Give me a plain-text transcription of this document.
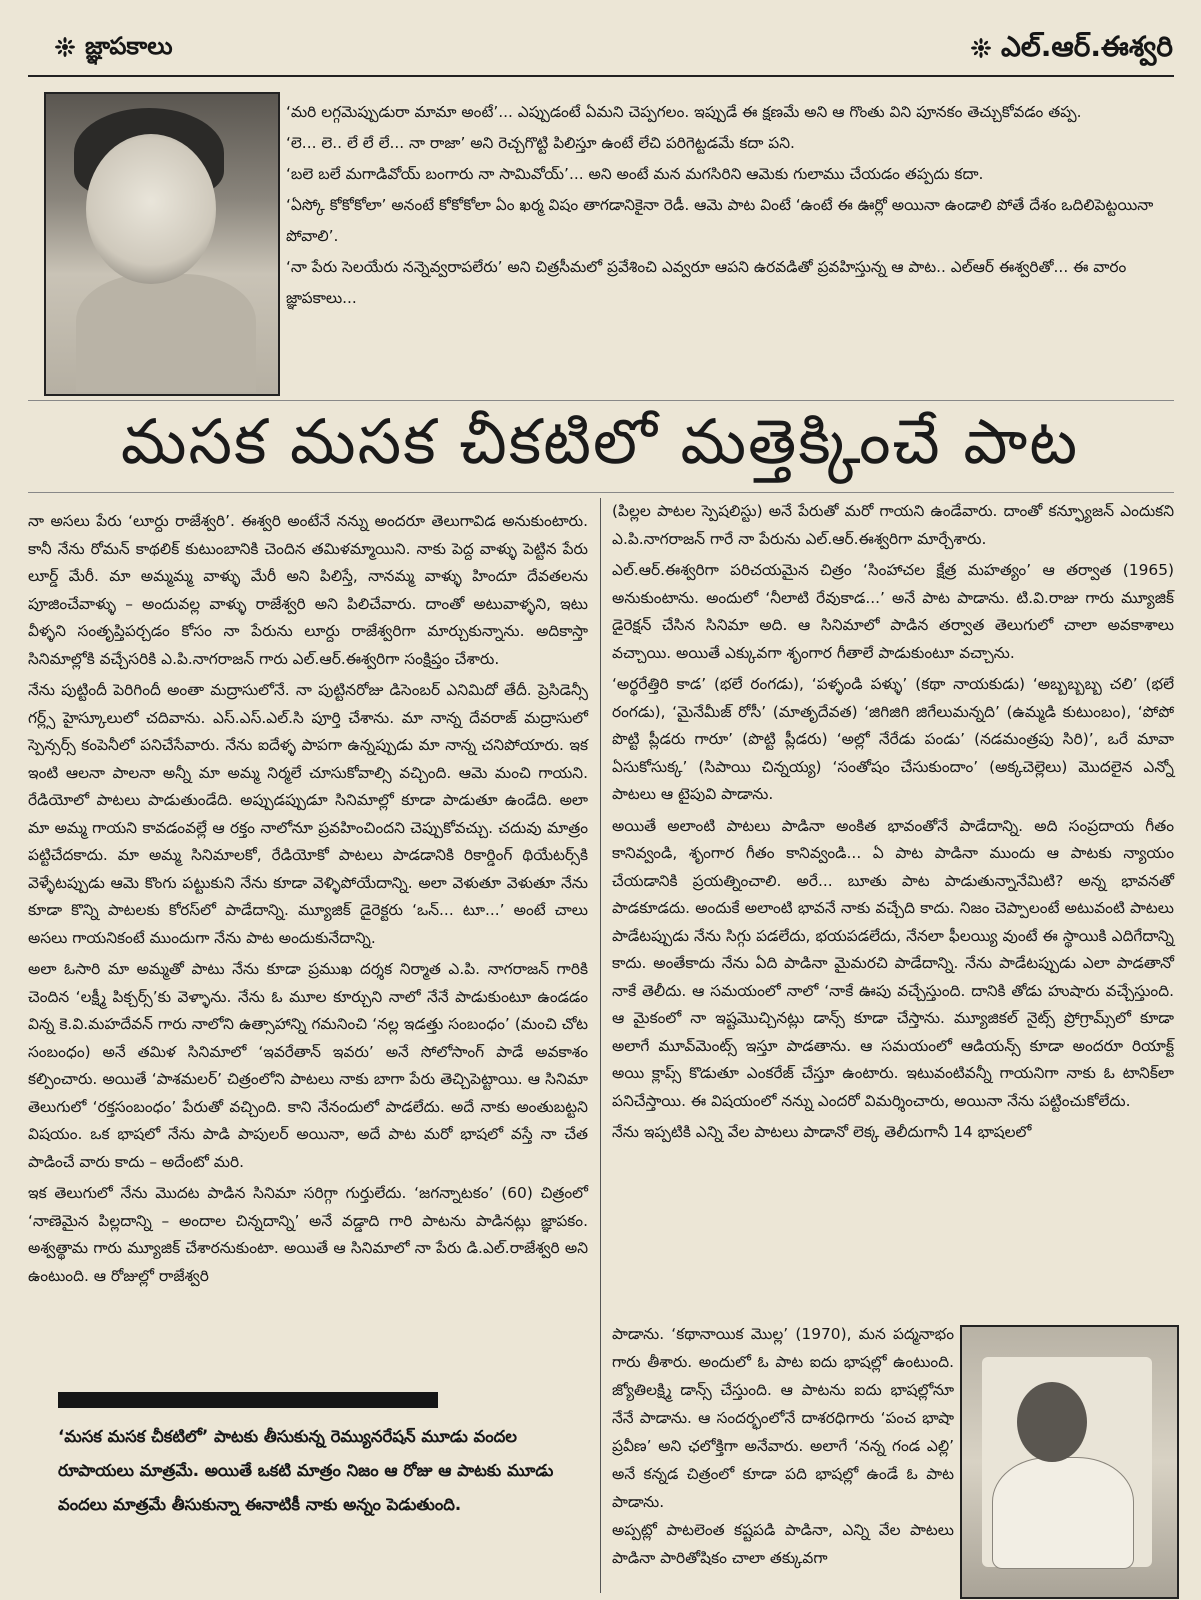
జ్ఞాపకాలు	ఎల్.ఆర్.ఈశ్వరి

‘మరి లగ్గమెప్పుడురా మామా అంటే’... ఎప్పుడంటే ఏమని చెప్పగలం. ఇప్పుడే ఈ క్షణమే అని ఆ గొంతు విని పూనకం తెచ్చుకోవడం తప్ప.

‘లె... లె.. లే లే లే... నా రాజా’ అని రెచ్చగొట్టి పిలిస్తూ ఉంటే లేచి పరిగెట్టడమే కదా పని.

‘బలె బలే మగాడివోయ్ బంగారు నా సామివోయ్’... అని అంటే మన మగసిరిని ఆమెకు గులాము చేయడం తప్పదు కదా.

‘ఏస్కో కోకోకోలా’ అనంటే కోకోకోలా ఏం ఖర్మ విషం తాగడానికైనా రెడీ. ఆమె పాట వింటే ‘ఉంటే ఈ ఊర్లో అయినా ఉండాలి పోతే దేశం ఒదిలిపెట్టయినా పోవాలి’.

‘నా పేరు సెలయేరు నన్నెవ్వరాపలేరు’ అని చిత్రసీమలో ప్రవేశించి ఎవ్వరూ ఆపని ఉరవడితో ప్రవహిస్తున్న ఆ పాట.. ఎల్ఆర్ ఈశ్వరితో... ఈ వారం జ్ఞాపకాలు...

మసక మసక చీకటిలో మత్తెక్కించే పాట

నా అసలు పేరు ‘లూర్దు రాజేశ్వరి’. ఈశ్వరి అంటేనే నన్ను అందరూ తెలుగావిడ అనుకుంటారు. కానీ నేను రోమన్ కాథలిక్ కుటుంబానికి చెందిన తమిళమ్మాయిని. నాకు పెద్ద వాళ్ళు పెట్టిన పేరు లూర్డ్ మేరీ. మా అమ్మమ్మ వాళ్ళు మేరీ అని పిలిస్తే, నానమ్మ వాళ్ళు హిందూ దేవతలను పూజించేవాళ్ళు – అందువల్ల వాళ్ళు రాజేశ్వరి అని పిలిచేవారు. దాంతో అటువాళ్ళని, ఇటు వీళ్ళని సంతృప్తిపర్చడం కోసం నా పేరును లూర్దు రాజేశ్వరిగా మార్చుకున్నాను. అదికాస్తా సినిమాల్లోకి వచ్చేసరికి ఎ.పి.నాగరాజన్ గారు ఎల్.ఆర్.ఈశ్వరిగా సంక్షిప్తం చేశారు.

నేను పుట్టిందీ పెరిగిందీ అంతా మద్రాసులోనే. నా పుట్టినరోజు డిసెంబర్ ఎనిమిదో తేదీ. ప్రెసిడెన్సీ గర్ల్స్ హైస్కూలులో చదివాను. ఎస్.ఎస్.ఎల్.సి పూర్తి చేశాను. మా నాన్న దేవరాజ్ మద్రాసులో స్పెన్సర్స్ కంపెనీలో పనిచేసేవారు. నేను ఐదేళ్ళ పాపగా ఉన్నప్పుడు మా నాన్న చనిపోయారు. ఇక ఇంటి ఆలనా పాలనా అన్నీ మా అమ్మ నిర్మలే చూసుకోవాల్సి వచ్చింది. ఆమె మంచి గాయని. రేడియోలో పాటలు పాడుతుండేది. అప్పుడప్పుడూ సినిమాల్లో కూడా పాడుతూ ఉండేది. అలా మా అమ్మ గాయని కావడంవల్లే ఆ రక్తం నాలోనూ ప్రవహించిందని చెప్పుకోవచ్చు. చదువు మాత్రం పట్టిచేదకాదు. మా అమ్మ సినిమాలకో, రేడియోకో పాటలు పాడడానికి రికార్డింగ్ థియేటర్స్‌కి వెళ్ళేటప్పుడు ఆమె కొంగు పట్టుకుని నేను కూడా వెళ్ళిపోయేదాన్ని. అలా వెళుతూ వెళుతూ నేను కూడా కొన్ని పాటలకు కోరస్‌లో పాడేదాన్ని. మ్యూజిక్ డైరెక్టరు ‘ఒన్... టూ...’ అంటే చాలు అసలు గాయనికంటే ముందుగా నేను పాట అందుకునేదాన్ని.

అలా ఓసారి మా అమ్మతో పాటు నేను కూడా ప్రముఖ దర్శక నిర్మాత ఎ.పి. నాగరాజన్ గారికి చెందిన ‘లక్ష్మీ పిక్చర్స్’కు వెళ్ళాను. నేను ఓ మూల కూర్చుని నాలో నేనే పాడుకుంటూ ఉండడం విన్న కె.వి.మహదేవన్ గారు నాలోని ఉత్సాహాన్ని గమనించి ‘నల్ల ఇడత్తు సంబంధం’ (మంచి చోట సంబంధం) అనే తమిళ సినిమాలో ‘ఇవరేతాన్ ఇవరు’ అనే సోలోసాంగ్ పాడే అవకాశం కల్పించారు. అయితే ‘పాశమలర్’ చిత్రంలోని పాటలు నాకు బాగా పేరు తెచ్చిపెట్టాయి. ఆ సినిమా తెలుగులో ‘రక్తసంబంధం’ పేరుతో వచ్చింది. కాని నేనందులో పాడలేదు. అదే నాకు అంతుబట్టని విషయం. ఒక భాషలో నేను పాడి పాపులర్ అయినా, అదే పాట మరో భాషలో వస్తే నా చేత పాడించే వారు కాదు – అదేంటో మరి.

ఇక తెలుగులో నేను మొదట పాడిన సినిమా సరిగ్గా గుర్తులేదు. ‘జగన్నాటకం’ (60) చిత్రంలో ‘నాణెమైన పిల్లదాన్ని – అందాల చిన్నదాన్ని’ అనే వడ్డాది గారి పాటను పాడినట్లు జ్ఞాపకం. అశ్వత్థామ గారు మ్యూజిక్ చేశారనుకుంటా. అయితే ఆ సినిమాలో నా పేరు డి.ఎల్.రాజేశ్వరి అని ఉంటుంది. ఆ రోజుల్లో రాజేశ్వరి

‘మసక మసక చీకటిలో’ పాటకు తీసుకున్న రెమ్యునరేషన్ మూడు వందల రూపాయలు మాత్రమే. అయితే ఒకటి మాత్రం నిజం ఆ రోజు ఆ పాటకు మూడు వందలు మాత్రమే తీసుకున్నా ఈనాటికీ నాకు అన్నం పెడుతుంది.

(పిల్లల పాటల స్పెషలిస్టు) అనే పేరుతో మరో గాయని ఉండేవారు. దాంతో కన్ఫ్యూజన్ ఎందుకని ఎ.పి.నాగరాజన్ గారే నా పేరును ఎల్.ఆర్.ఈశ్వరిగా మార్చేశారు.

ఎల్.ఆర్.ఈశ్వరిగా పరిచయమైన చిత్రం ‘సింహాచల క్షేత్ర మహత్యం’ ఆ తర్వాత (1965) అనుకుంటాను. అందులో ‘నీలాటి రేవుకాడ...’ అనే పాట పాడాను. టి.వి.రాజు గారు మ్యూజిక్ డైరెక్షన్ చేసిన సినిమా అది. ఆ సినిమాలో పాడిన తర్వాత తెలుగులో చాలా అవకాశాలు వచ్చాయి. అయితే ఎక్కువగా శృంగార గీతాలే పాడుకుంటూ వచ్చాను.

‘అర్థరేత్తిరి కాడ’ (భలే రంగడు), ‘పళ్ళండి పళ్ళు’ (కథా నాయకుడు) ‘అబ్బబ్బబ్బ చలి’ (భలే రంగడు), ‘మైనేమీజ్ రోసీ’ (మాతృదేవత) ‘జిగిజిగి జిగేలుమన్నది’ (ఉమ్మడి కుటుంబం), ‘పోపో పొట్టి ప్లీడరు గారూ’ (పొట్టి ప్లీడరు) ‘అల్లో నేరేడు పండు’ (నడమంత్రపు సిరి)’, ఒరే మావా ఏసుకోసుక్క’ (సిపాయి చిన్నయ్య) ‘సంతోషం చేసుకుందాం’ (అక్కచెల్లెలు) మొదలైన ఎన్నో పాటలు ఆ టైపువి పాడాను.

అయితే అలాంటి పాటలు పాడినా అంకిత భావంతోనే పాడేదాన్ని. అది సంప్రదాయ గీతం కానివ్వండి, శృంగార గీతం కానివ్వండి... ఏ పాట పాడినా ముందు ఆ పాటకు న్యాయం చేయడానికి ప్రయత్నించాలి. అరే... బూతు పాట పాడుతున్నానేమిటి? అన్న భావనతో పాడకూడదు. అందుకే అలాంటి భావనే నాకు వచ్చేది కాదు. నిజం చెప్పాలంటే అటువంటి పాటలు పాడేటప్పుడు నేను సిగ్గు పడలేదు, భయపడలేదు, నేనలా ఫీలయ్యి వుంటే ఈ స్థాయికి ఎదిగేదాన్ని కాదు. అంతేకాదు నేను ఏది పాడినా మైమరచి పాడేదాన్ని. నేను పాడేటప్పుడు ఎలా పాడతానో నాకే తెలీదు. ఆ సమయంలో నాలో ‘నాకే ఊపు వచ్చేస్తుంది. దానికి తోడు హుషారు వచ్చేస్తుంది. ఆ మైకంలో నా ఇష్టమొచ్చినట్లు డాన్స్ కూడా చేస్తాను. మ్యూజికల్ నైట్స్ ప్రోగ్రామ్స్‌లో కూడా అలాగే మూవ్‌మెంట్స్ ఇస్తూ పాడతాను. ఆ సమయంలో ఆడియన్స్ కూడా అందరూ రియాక్ట్ అయి క్లాప్స్ కొడుతూ ఎంకరేజ్ చేస్తూ ఉంటారు. ఇటువంటివన్నీ గాయనిగా నాకు ఓ టానిక్‌లా పనిచేస్తాయి. ఈ విషయంలో నన్ను ఎందరో విమర్శించారు, అయినా నేను పట్టించుకోలేదు.

నేను ఇప్పటికి ఎన్ని వేల పాటలు పాడానో లెక్క తెలీదుగానీ 14 భాషలలో

పాడాను. ‘కథానాయిక మొల్ల’ (1970), మన పద్మనాభం గారు తీశారు. అందులో ఓ పాట ఐదు భాషల్లో ఉంటుంది. జ్యోతిలక్ష్మి డాన్స్ చేస్తుంది. ఆ పాటను ఐదు భాషల్లోనూ నేనే పాడాను. ఆ సందర్భంలోనే దాశరధిగారు ‘పంచ భాషా ప్రవీణ’ అని ఛలోక్తిగా అనేవారు. అలాగే ‘నన్న గండ ఎల్లి’ అనే కన్నడ చిత్రంలో కూడా పది భాషల్లో ఉండే ఓ పాట పాడాను.

అప్పట్లో పాటలెంత కష్టపడి పాడినా, ఎన్ని వేల పాటలు పాడినా పారితోషికం చాలా తక్కువగా
